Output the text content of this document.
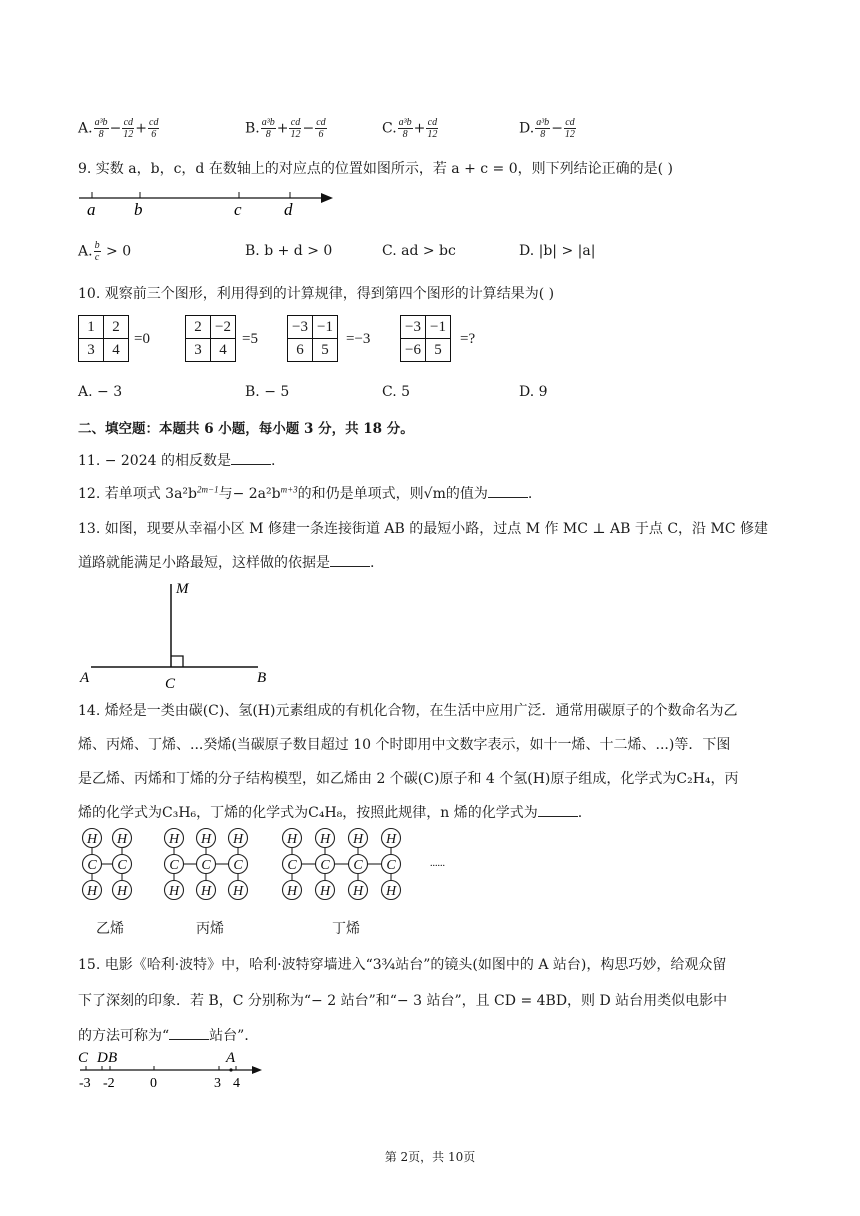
A. $\frac{\text{a³b}}{8} - \frac{cd}{12} + \frac{cd}{6}$	B. $\frac{\text{a³b}}{8} + \frac{cd}{12} - \frac{cd}{6}$	C. $\frac{\text{a³b}}{8} + \frac{cd}{12}$	D. $\frac{\text{a³b}}{8} - \frac{cd}{12}$
9. 实数 a，b，c，d 在数轴上的对应点的位置如图所示，若 a + c = 0，则下列结论正确的是( )
a b	c d
A. $\frac{b}{c} > 0$	B. b + d > 0	C. ad > bc	D. |b| > |a|
10. 观察前三个图形，利用得到的计算规律，得到第四个图形的计算结果为( )
1	2
3	4
=0
2	−2
3	4
=5
−3	−1
6	5
=−3
−3	−1
−6	5
=?
A. − 3	B. − 5	C. 5	D. 9
二、填空题：本题共 6 小题，每小题 3 分，共 18 分。
11. − 2024 的相反数是	.
12. 若单项式 $3a^2b^{2m-1}$与− $2a^2b^{m+3}$的和仍是单项式，则√m的值为	.
13. 如图，现要从幸福小区 M 修建一条连接街道 AB 的最短小路，过点 M 作 MC ⊥ AB 于点 C，沿 MC 修建
道路就能满足小路最短，这样做的依据是	.
M
A	B
C
14. 烯烃是一类由碳(C)、氢(H)元素组成的有机化合物，在生活中应用广泛．通常用碳原子的个数命名为乙
烯、丙烯、丁烯、...癸烯(当碳原子数目超过 10 个时即用中文数字表示，如十一烯、十二烯、...)等．下图
是乙烯、丙烯和丁烯的分子结构模型，如乙烯由 2 个碳(C)原子和 4 个氢(H)原子组成，化学式为C₂H₄，丙
烯的化学式为C₃H₆，丁烯的化学式为C₄H₈，按照此规律，n 烯的化学式为	.
H
C
H
H
C
H
H
C
H
H
C
H
H
C
H
H
C
H
H
C
H
H
C
H
H
C
H
......
乙烯	丙烯	丁烯
15. 电影《哈利·波特》中，哈利·波特穿墙进入“3¾站台”的镜头(如图中的 A 站台)，构思巧妙，给观众留
下了深刻的印象．若 B，C 分别称为“− 2 站台”和“− 3 站台”，且 CD = 4BD，则 D 站台用类似电影中
的方法可称为“	站台”．
C D B	A
-3 -2	0	3 4
第 2页，共 10页
